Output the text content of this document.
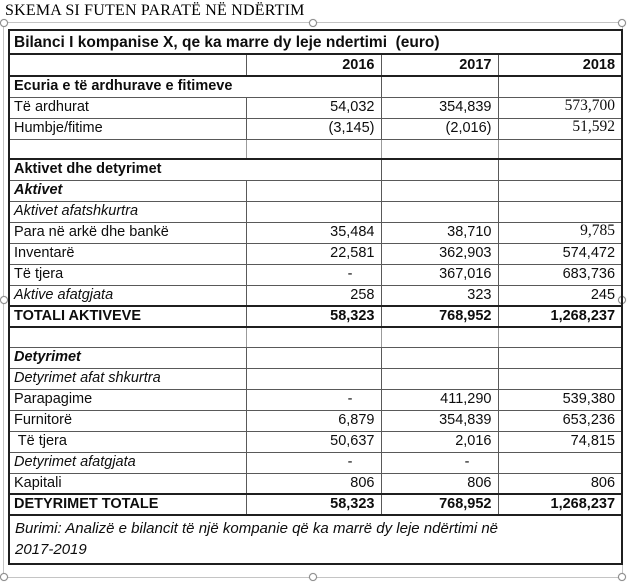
SKEMA SI FUTEN PARATË NË NDËRTIM
Bilanci I kompanise X, qe ka marre dy leje ndertimi  (euro)			
	2016	2017	2018
Ecuria e të ardhurave e fitimeve			
Të ardhurat	54,032	354,839	573,700
Humbje/fitime	(3,145)	(2,016)	51,592

Aktivet dhe detyrimet			
Aktivet			
Aktivet afatshkurtra			
Para në arkë dhe bankë	35,484	38,710	9,785
Inventarë	22,581	362,903	574,472
Të tjera	-	367,016	683,736
Aktive afatgjata	258	323	245
TOTALI AKTIVEVE	58,323	768,952	1,268,237

Detyrimet			
Detyrimet afat shkurtra			
Parapagime	-	411,290	539,380
Furnitorë	6,879	354,839	653,236
Të tjera	50,637	2,016	74,815
Detyrimet afatgjata	-	-	
Kapitali	806	806	806
DETYRIMET TOTALE	58,323	768,952	1,268,237

Burimi: Analizë e bilancit të një kompanie që ka marrë dy leje ndërtimi në
2017-2019			
